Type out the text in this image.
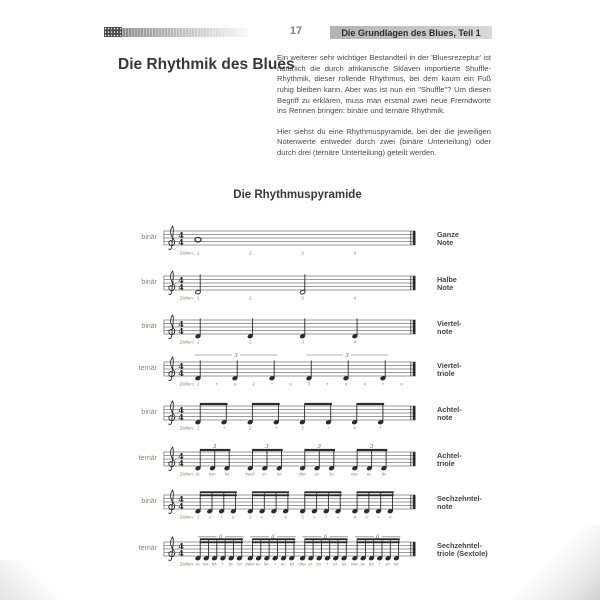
17	Die Grundlagen des Blues, Teil 1
Die Rhythmik des Blues

Ein weiterer sehr wichtiger Bestandteil in der 'Bluesrezeptur' ist natürlich die durch afrikanische Sklaven importierte Shuffle-Rhythmik, dieser rollende Rhythmus, bei dem kaum ein Fuß ruhig bleiben kann. Aber was ist nun ein "Shuffle"? Um diesen Begriff zu erklären, muss man erstmal zwei neue Fremdworte ins Rennen bringen: binäre und ternäre Rhythmik.

Hier siehst du eine Rhythmuspyramide, bei der die jeweiligen Notenwerte entweder durch zwei (binäre Unterteilung) oder durch drei (ternäre Unterteilung) geteilt werden.

Die Rhythmuspyramide
4
4
Zählen: 1	2	3	4
4
4
Zählen: 1	2	3	4
4
4
Zählen: 1	2	3	4
4
4
3	3
Zählen: 1	+	u	2	+	u	3	+	u	4	+	u
4
4
Zählen: 1	+	2	+	3	+	4	+
4
4
3	3	3	3
Zählen: ei- ner- lei	zwei- er- lei	drei- er- lei	vier- er- lei
4
4
Zählen: 1 e + e	2 e + e	3 e + e	4 e + e
4
4
6	6	6	6
Zählen: ei- ner- lei- + er- lei zwei- er- lei- + er- lei drei- er- lei- + er- lei vier- er- lei- + er- lei
binär	Ganze
Note
binär	Halbe
Note
binär	Viertel-
note
ternär	Viertel-
triole
binär	Achtel-
note
ternär	Achtel-
triole
binär	Sechzehntel-
note
ternär	Sechzehntel-
triole (Sextole)
